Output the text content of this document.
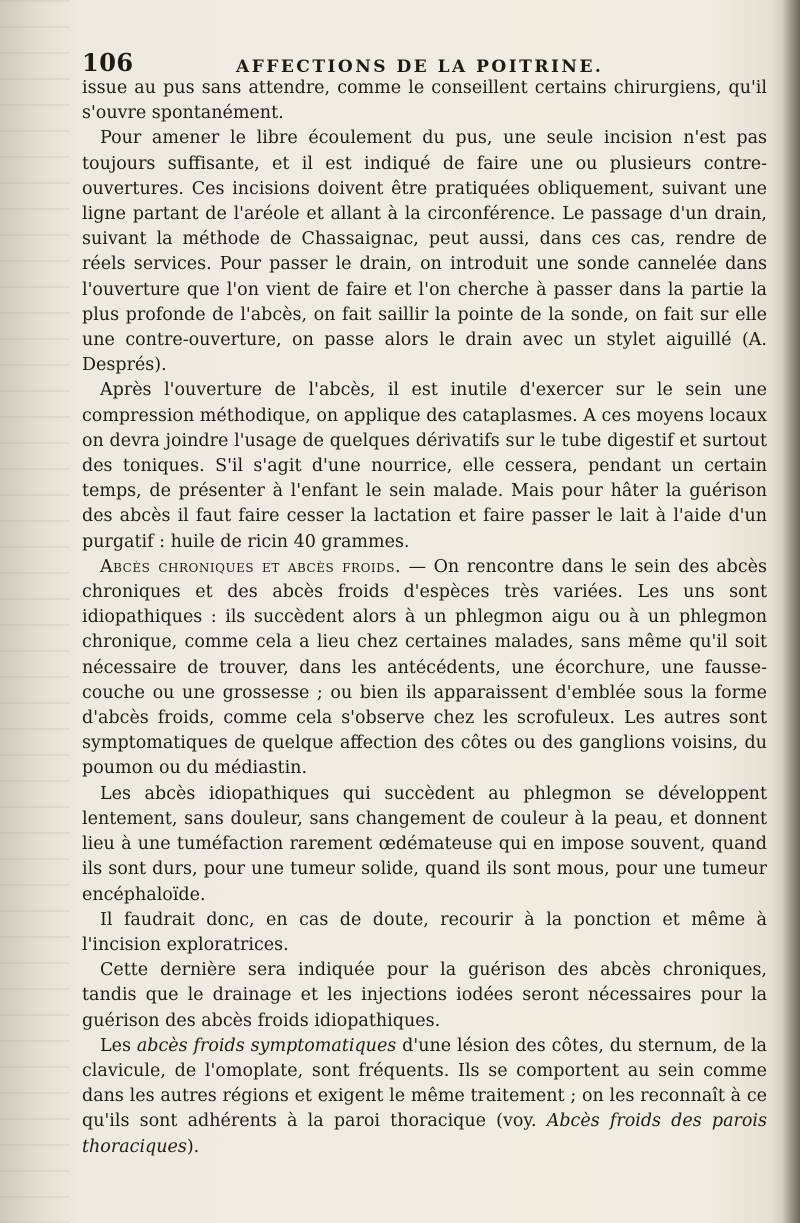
106	AFFECTIONS DE LA POITRINE.

issue au pus sans attendre, comme le conseillent certains chirurgiens, qu'il s'ouvre spontanément.

Pour amener le libre écoulement du pus, une seule incision n'est pas toujours suffisante, et il est indiqué de faire une ou plusieurs contre-ouvertures. Ces incisions doivent être pratiquées obliquement, suivant une ligne partant de l'aréole et allant à la circonférence. Le passage d'un drain, suivant la méthode de Chassaignac, peut aussi, dans ces cas, rendre de réels services. Pour passer le drain, on introduit une sonde cannelée dans l'ouverture que l'on vient de faire et l'on cherche à passer dans la partie la plus profonde de l'abcès, on fait saillir la pointe de la sonde, on fait sur elle une contre-ouverture, on passe alors le drain avec un stylet aiguillé (A. Després).

Après l'ouverture de l'abcès, il est inutile d'exercer sur le sein une compression méthodique, on applique des cataplasmes. A ces moyens locaux on devra joindre l'usage de quelques dérivatifs sur le tube digestif et surtout des toniques. S'il s'agit d'une nourrice, elle cessera, pendant un certain temps, de présenter à l'enfant le sein malade. Mais pour hâter la guérison des abcès il faut faire cesser la lactation et faire passer le lait à l'aide d'un purgatif : huile de ricin 40 grammes.

Abcès chroniques et abcès froids. — On rencontre dans le sein des abcès chroniques et des abcès froids d'espèces très variées. Les uns sont idiopathiques : ils succèdent alors à un phlegmon aigu ou à un phlegmon chronique, comme cela a lieu chez certaines malades, sans même qu'il soit nécessaire de trouver, dans les antécédents, une écorchure, une fausse-couche ou une grossesse ; ou bien ils apparaissent d'emblée sous la forme d'abcès froids, comme cela s'observe chez les scrofuleux. Les autres sont symptomatiques de quelque affection des côtes ou des ganglions voisins, du poumon ou du médiastin.

Les abcès idiopathiques qui succèdent au phlegmon se développent lentement, sans douleur, sans changement de couleur à la peau, et donnent lieu à une tuméfaction rarement œdémateuse qui en impose souvent, quand ils sont durs, pour une tumeur solide, quand ils sont mous, pour une tumeur encéphaloïde.

Il faudrait donc, en cas de doute, recourir à la ponction et même à l'incision exploratrices.

Cette dernière sera indiquée pour la guérison des abcès chroniques, tandis que le drainage et les injections iodées seront nécessaires pour la guérison des abcès froids idiopathiques.

Les abcès froids symptomatiques d'une lésion des côtes, du sternum, de la clavicule, de l'omoplate, sont fréquents. Ils se comportent au sein comme dans les autres régions et exigent le même traitement ; on les reconnaît à ce qu'ils sont adhérents à la paroi thoracique (voy. Abcès froids des parois thoraciques).
